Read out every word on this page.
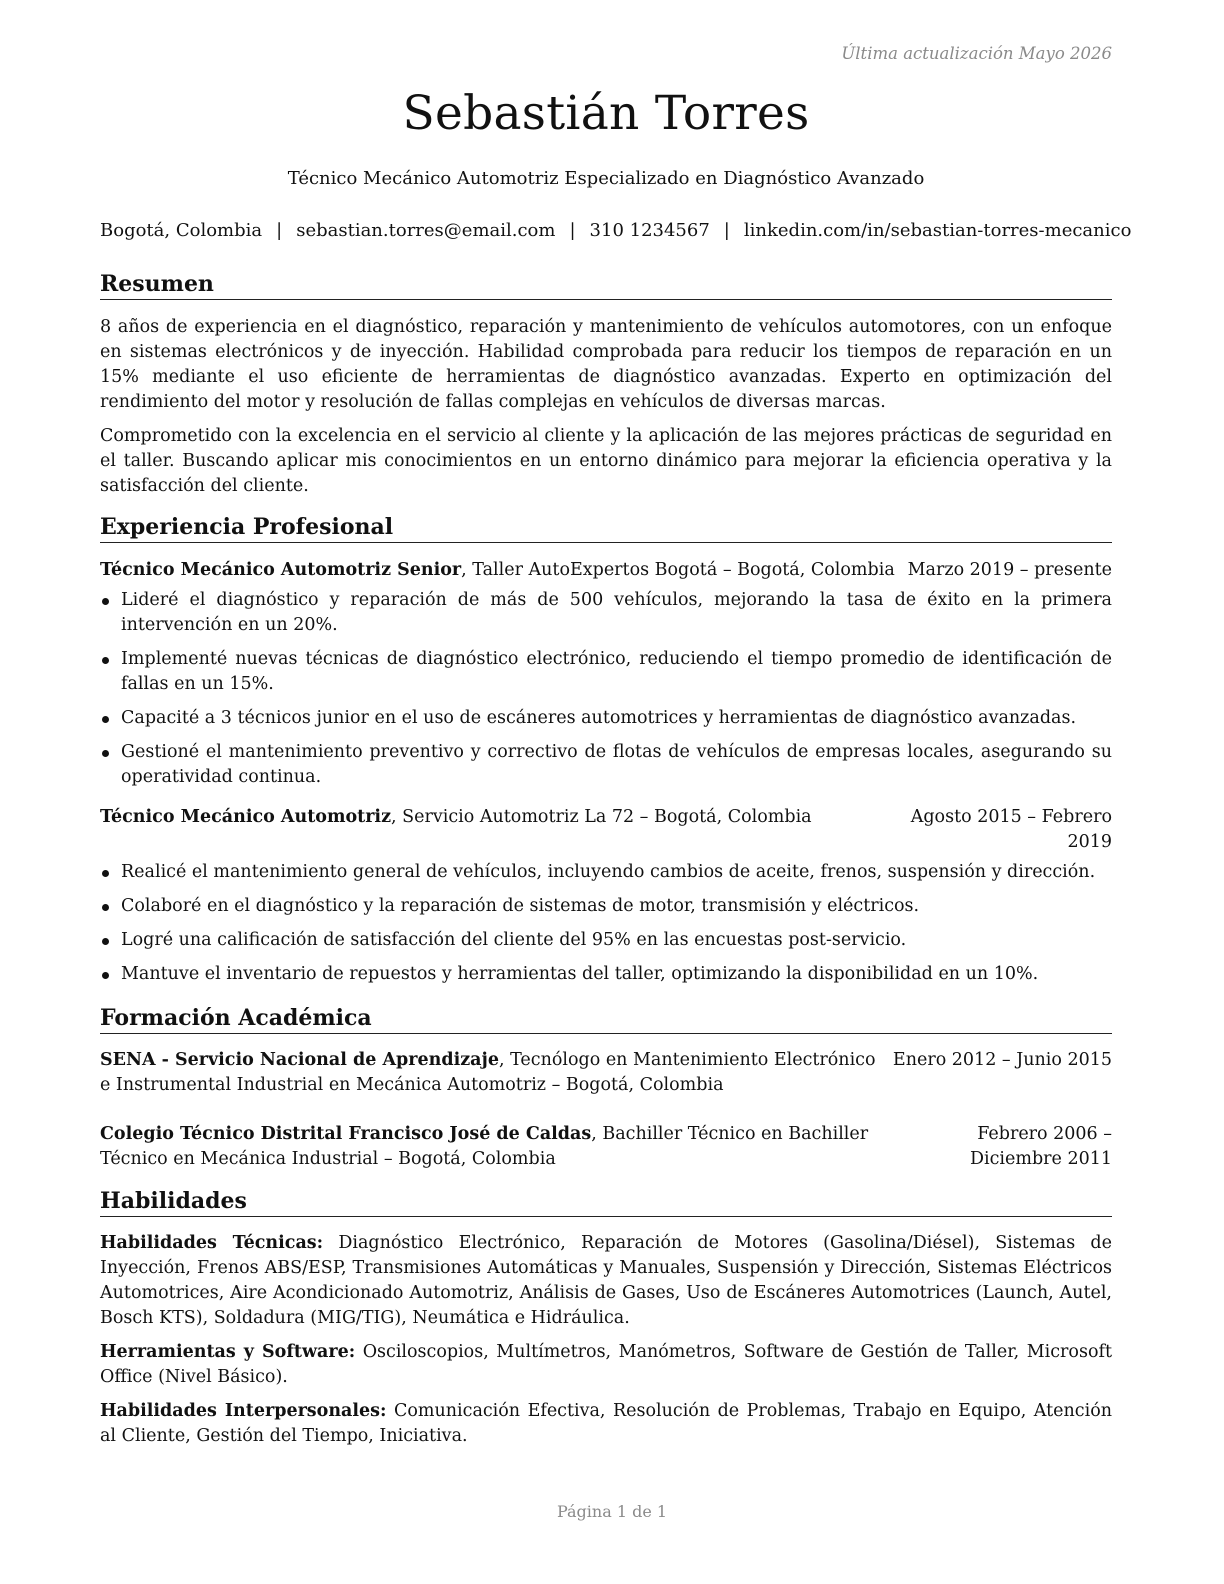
Última actualización Mayo 2026
Sebastián Torres
Técnico Mecánico Automotriz Especializado en Diagnóstico Avanzado
Bogotá, Colombia | sebastian.torres@email.com | 310 1234567 | linkedin.com/in/sebastian-torres-mecanico
Resumen
8 años de experiencia en el diagnóstico, reparación y mantenimiento de vehículos automotores, con un enfoque en sistemas electrónicos y de inyección. Habilidad comprobada para reducir los tiempos de reparación en un 15% mediante el uso eficiente de herramientas de diagnóstico avanzadas. Experto en optimización del rendimiento del motor y resolución de fallas complejas en vehículos de diversas marcas.
Comprometido con la excelencia en el servicio al cliente y la aplicación de las mejores prácticas de seguridad en el taller. Buscando aplicar mis conocimientos en un entorno dinámico para mejorar la eficiencia operativa y la satisfacción del cliente.
Experiencia Profesional
Técnico Mecánico Automotriz Senior, Taller AutoExpertos Bogotá – Bogotá, Colombia Marzo 2019 – presente
Lideré el diagnóstico y reparación de más de 500 vehículos, mejorando la tasa de éxito en la primera intervención en un 20%.
Implementé nuevas técnicas de diagnóstico electrónico, reduciendo el tiempo promedio de identificación de fallas en un 15%.
Capacité a 3 técnicos junior en el uso de escáneres automotrices y herramientas de diagnóstico avanzadas.
Gestioné el mantenimiento preventivo y correctivo de flotas de vehículos de empresas locales, asegurando su operatividad continua.
Técnico Mecánico Automotriz, Servicio Automotriz La 72 – Bogotá, Colombia	Agosto 2015 – Febrero 2019
Realicé el mantenimiento general de vehículos, incluyendo cambios de aceite, frenos, suspensión y dirección.
Colaboré en el diagnóstico y la reparación de sistemas de motor, transmisión y eléctricos.
Logré una calificación de satisfacción del cliente del 95% en las encuestas post-servicio.
Mantuve el inventario de repuestos y herramientas del taller, optimizando la disponibilidad en un 10%.
Formación Académica
Enero 2012 – Junio 2015
SENA - Servicio Nacional de Aprendizaje, Tecnólogo en Mantenimiento Electrónico e Instrumental Industrial en Mecánica Automotriz – Bogotá, Colombia
Febrero 2006 – Diciembre 2011
Colegio Técnico Distrital Francisco José de Caldas, Bachiller Técnico en Bachiller Técnico en Mecánica Industrial – Bogotá, Colombia
Habilidades
Habilidades Técnicas: Diagnóstico Electrónico, Reparación de Motores (Gasolina/Diésel), Sistemas de Inyección, Frenos ABS/ESP, Transmisiones Automáticas y Manuales, Suspensión y Dirección, Sistemas Eléctricos Automotrices, Aire Acondicionado Automotriz, Análisis de Gases, Uso de Escáneres Automotrices (Launch, Autel, Bosch KTS), Soldadura (MIG/TIG), Neumática e Hidráulica.
Herramientas y Software: Osciloscopios, Multímetros, Manómetros, Software de Gestión de Taller, Microsoft Office (Nivel Básico).
Habilidades Interpersonales: Comunicación Efectiva, Resolución de Problemas, Trabajo en Equipo, Atención al Cliente, Gestión del Tiempo, Iniciativa.
Página 1 de 1
